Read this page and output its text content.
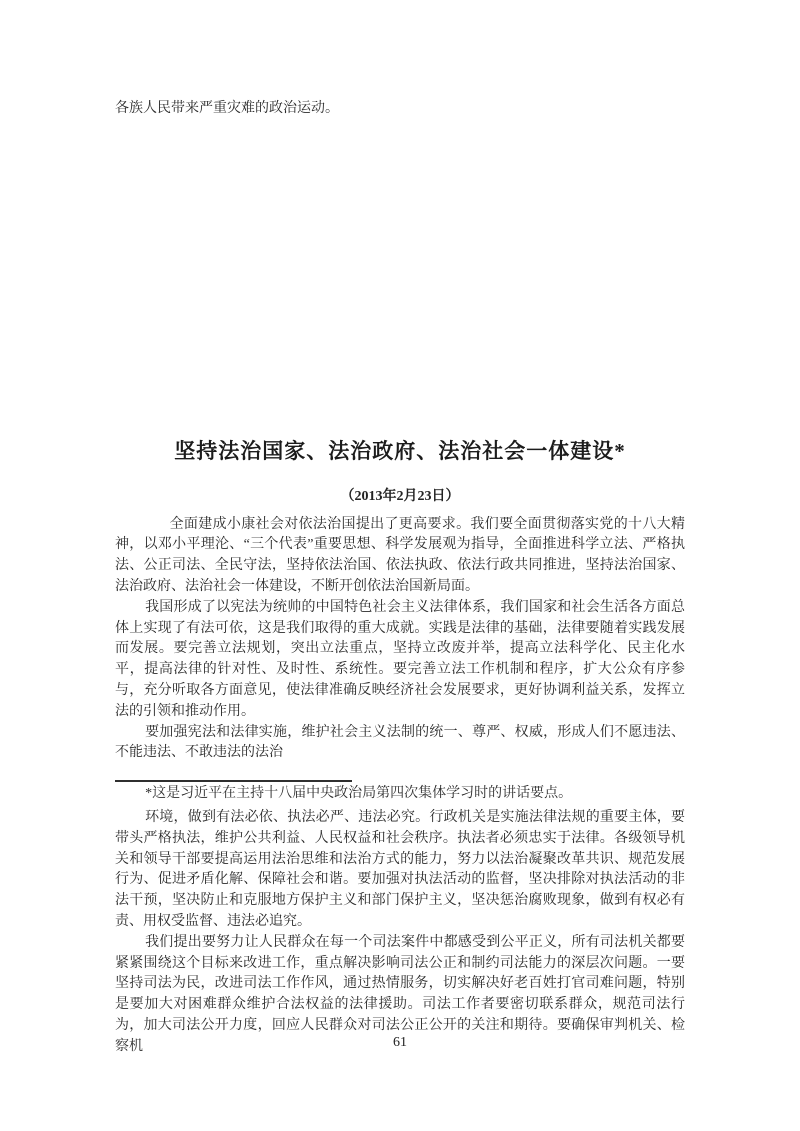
各族人民带来严重灾难的政治运动。
坚持法治国家、法治政府、法治社会一体建设*
（2013年2月23日）
全面建成小康社会对依法治国提出了更高要求。我们要全面贯彻落实党的十八大精神，以邓小平理沦、“三个代表”重要思想、科学发展观为指导，全面推进科学立法、严格执法、公正司法、全民守法，坚持依法治国、依法执政、依法行政共同推进，坚持法治国家、法治政府、法治社会一体建设，不断开创依法治国新局面。
我国形成了以宪法为统帅的中国特色社会主义法律体系，我们国家和社会生活各方面总体上实现了有法可依，这是我们取得的重大成就。实践是法律的基础，法律要随着实践发展而发展。要完善立法规划，突出立法重点，坚持立改废并举，提高立法科学化、民主化水平，提高法律的针对性、及时性、系统性。要完善立法工作机制和程序，扩大公众有序参与，充分听取各方面意见，使法律准确反映经济社会发展要求，更好协调利益关系，发挥立法的引领和推动作用。
要加强宪法和法律实施，维护社会主义法制的统一、尊严、权威，形成人们不愿违法、不能违法、不敢违法的法治
*这是习近平在主持十八届中央政治局第四次集体学习时的讲话要点。
环境，做到有法必依、执法必严、违法必究。行政机关是实施法律法规的重要主体，要带头严格执法，维护公共利益、人民权益和社会秩序。执法者必须忠实于法律。各级领导机关和领导干部要提高运用法治思维和法治方式的能力，努力以法治凝聚改革共识、规范发展行为、促进矛盾化解、保障社会和谐。要加强对执法活动的监督，坚决排除对执法活动的非法干预，坚决防止和克服地方保护主义和部门保护主义，坚决惩治腐败现象，做到有权必有责、用权受监督、违法必追究。
我们提出要努力让人民群众在每一个司法案件中都感受到公平正义，所有司法机关都要紧紧围绕这个目标来改进工作，重点解决影响司法公正和制约司法能力的深层次问题。一要坚持司法为民，改进司法工作作风，通过热情服务，切实解决好老百姓打官司难问题，特别是要加大对困难群众维护合法权益的法律援助。司法工作者要密切联系群众，规范司法行为，加大司法公开力度，回应人民群众对司法公正公开的关注和期待。要确保审判机关、检察机	61
